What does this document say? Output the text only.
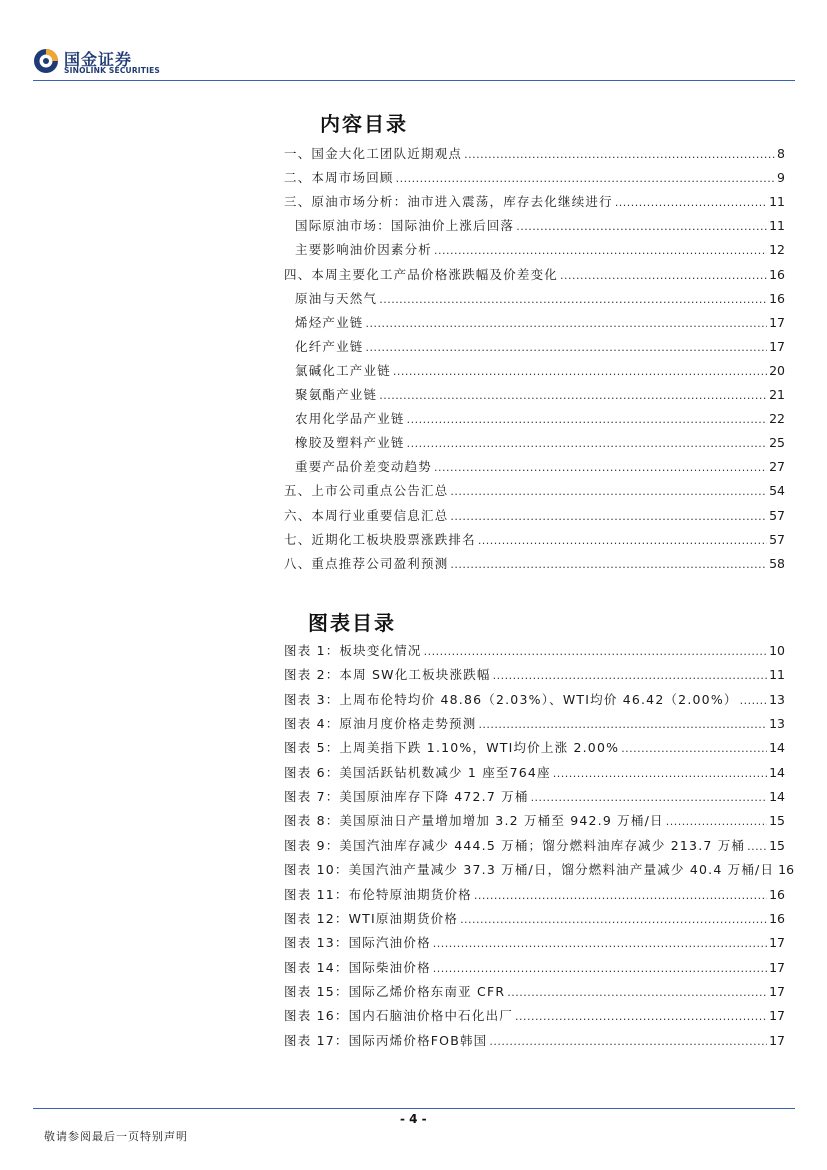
国金证券
SINOLINK SECURITIES
内容目录
一、国金大化工团队近期观点 .....	8
二、本周市场回顾 .....	9
三、原油市场分析：油市进入震荡，库存去化继续进行 .....	11
国际原油市场：国际油价上涨后回落 .....	11
主要影响油价因素分析 .....	12
四、本周主要化工产品价格涨跌幅及价差变化 .....	16
原油与天然气 .....	16
烯烃产业链 .....	17
化纤产业链 .....	17
氯碱化工产业链 .....	20
聚氨酯产业链 .....	21
农用化学品产业链 .....	22
橡胶及塑料产业链 .....	25
重要产品价差变动趋势 .....	27
五、上市公司重点公告汇总 .....	54
六、本周行业重要信息汇总 .....	57
七、近期化工板块股票涨跌排名 .....	57
八、重点推荐公司盈利预测 .....	58
图表目录
图表 1：板块变化情况 .....	10
图表 2：本周 SW化工板块涨跌幅 .....	11
图表 3：上周布伦特均价 48.86（2.03%）、WTI均价 46.42（2.00%） .....	13
图表 4：原油月度价格走势预测 .....	13
图表 5：上周美指下跌 1.10%，WTI均价上涨 2.00% .....	14
图表 6：美国活跃钻机数减少 1 座至764座 .....	14
图表 7：美国原油库存下降 472.7 万桶 .....	14
图表 8：美国原油日产量增加增加 3.2 万桶至 942.9 万桶/日 .....	15
图表 9：美国汽油库存减少 444.5 万桶；馏分燃料油库存减少 213.7 万桶 ..... 15
图表 10：美国汽油产量减少 37.3 万桶/日，馏分燃料油产量减少 40.4 万桶/日 16
图表 11：布伦特原油期货价格 .....	16
图表 12：WTI原油期货价格 .....	16
图表 13：国际汽油价格 .....	17
图表 14：国际柴油价格 .....	17
图表 15：国际乙烯价格东南亚 CFR .....	17
图表 16：国内石脑油价格中石化出厂 .....	17
图表 17：国际丙烯价格FOB韩国 .....	17
- 4 -
敬请参阅最后一页特别声明
